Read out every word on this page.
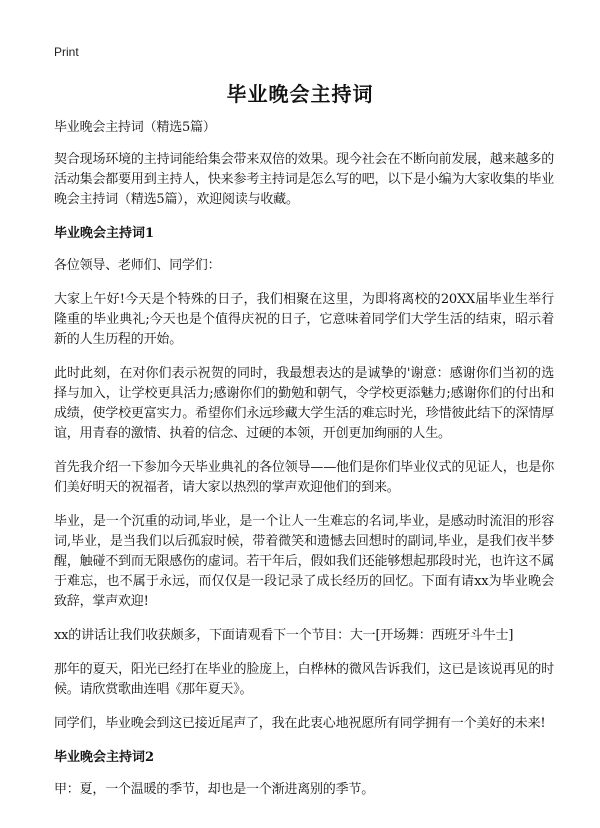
Print
毕业晚会主持词

毕业晚会主持词（精选5篇）

契合现场环境的主持词能给集会带来双倍的效果。现今社会在不断向前发展，越来越多的活动集会都要用到主持人，快来参考主持词是怎么写的吧，以下是小编为大家收集的毕业晚会主持词（精选5篇），欢迎阅读与收藏。

毕业晚会主持词1

各位领导、老师们、同学们：

大家上午好!今天是个特殊的日子，我们相聚在这里，为即将离校的20XX届毕业生举行隆重的毕业典礼;今天也是个值得庆祝的日子，它意味着同学们大学生活的结束，昭示着新的人生历程的开始。

此时此刻，在对你们表示祝贺的同时，我最想表达的是诚挚的'谢意：感谢你们当初的选择与加入，让学校更具活力;感谢你们的勤勉和朝气，令学校更添魅力;感谢你们的付出和成绩，使学校更富实力。希望你们永远珍藏大学生活的难忘时光，珍惜彼此结下的深情厚谊，用青春的激情、执着的信念、过硬的本领，开创更加绚丽的人生。

首先我介绍一下参加今天毕业典礼的各位领导——他们是你们毕业仪式的见证人，也是你们美好明天的祝福者，请大家以热烈的掌声欢迎他们的到来。

毕业，是一个沉重的动词,毕业，是一个让人一生难忘的名词,毕业，是感动时流泪的形容词,毕业，是当我们以后孤寂时候，带着微笑和遗憾去回想时的副词,毕业，是我们夜半梦醒，触碰不到而无限感伤的虚词。若干年后，假如我们还能够想起那段时光，也许这不属于难忘，也不属于永远，而仅仅是一段记录了成长经历的回忆。下面有请xx为毕业晚会致辞，掌声欢迎!

xx的讲话让我们收获颇多，下面请观看下一个节目：大一[开场舞：西班牙斗牛士]

那年的夏天，阳光已经打在毕业的脸庞上，白桦林的微风告诉我们，这已是该说再见的时候。请欣赏歌曲连唱《那年夏天》。

同学们，毕业晚会到这已接近尾声了，我在此衷心地祝愿所有同学拥有一个美好的未来!

毕业晚会主持词2

甲：夏，一个温暖的季节，却也是一个渐进离别的季节。
